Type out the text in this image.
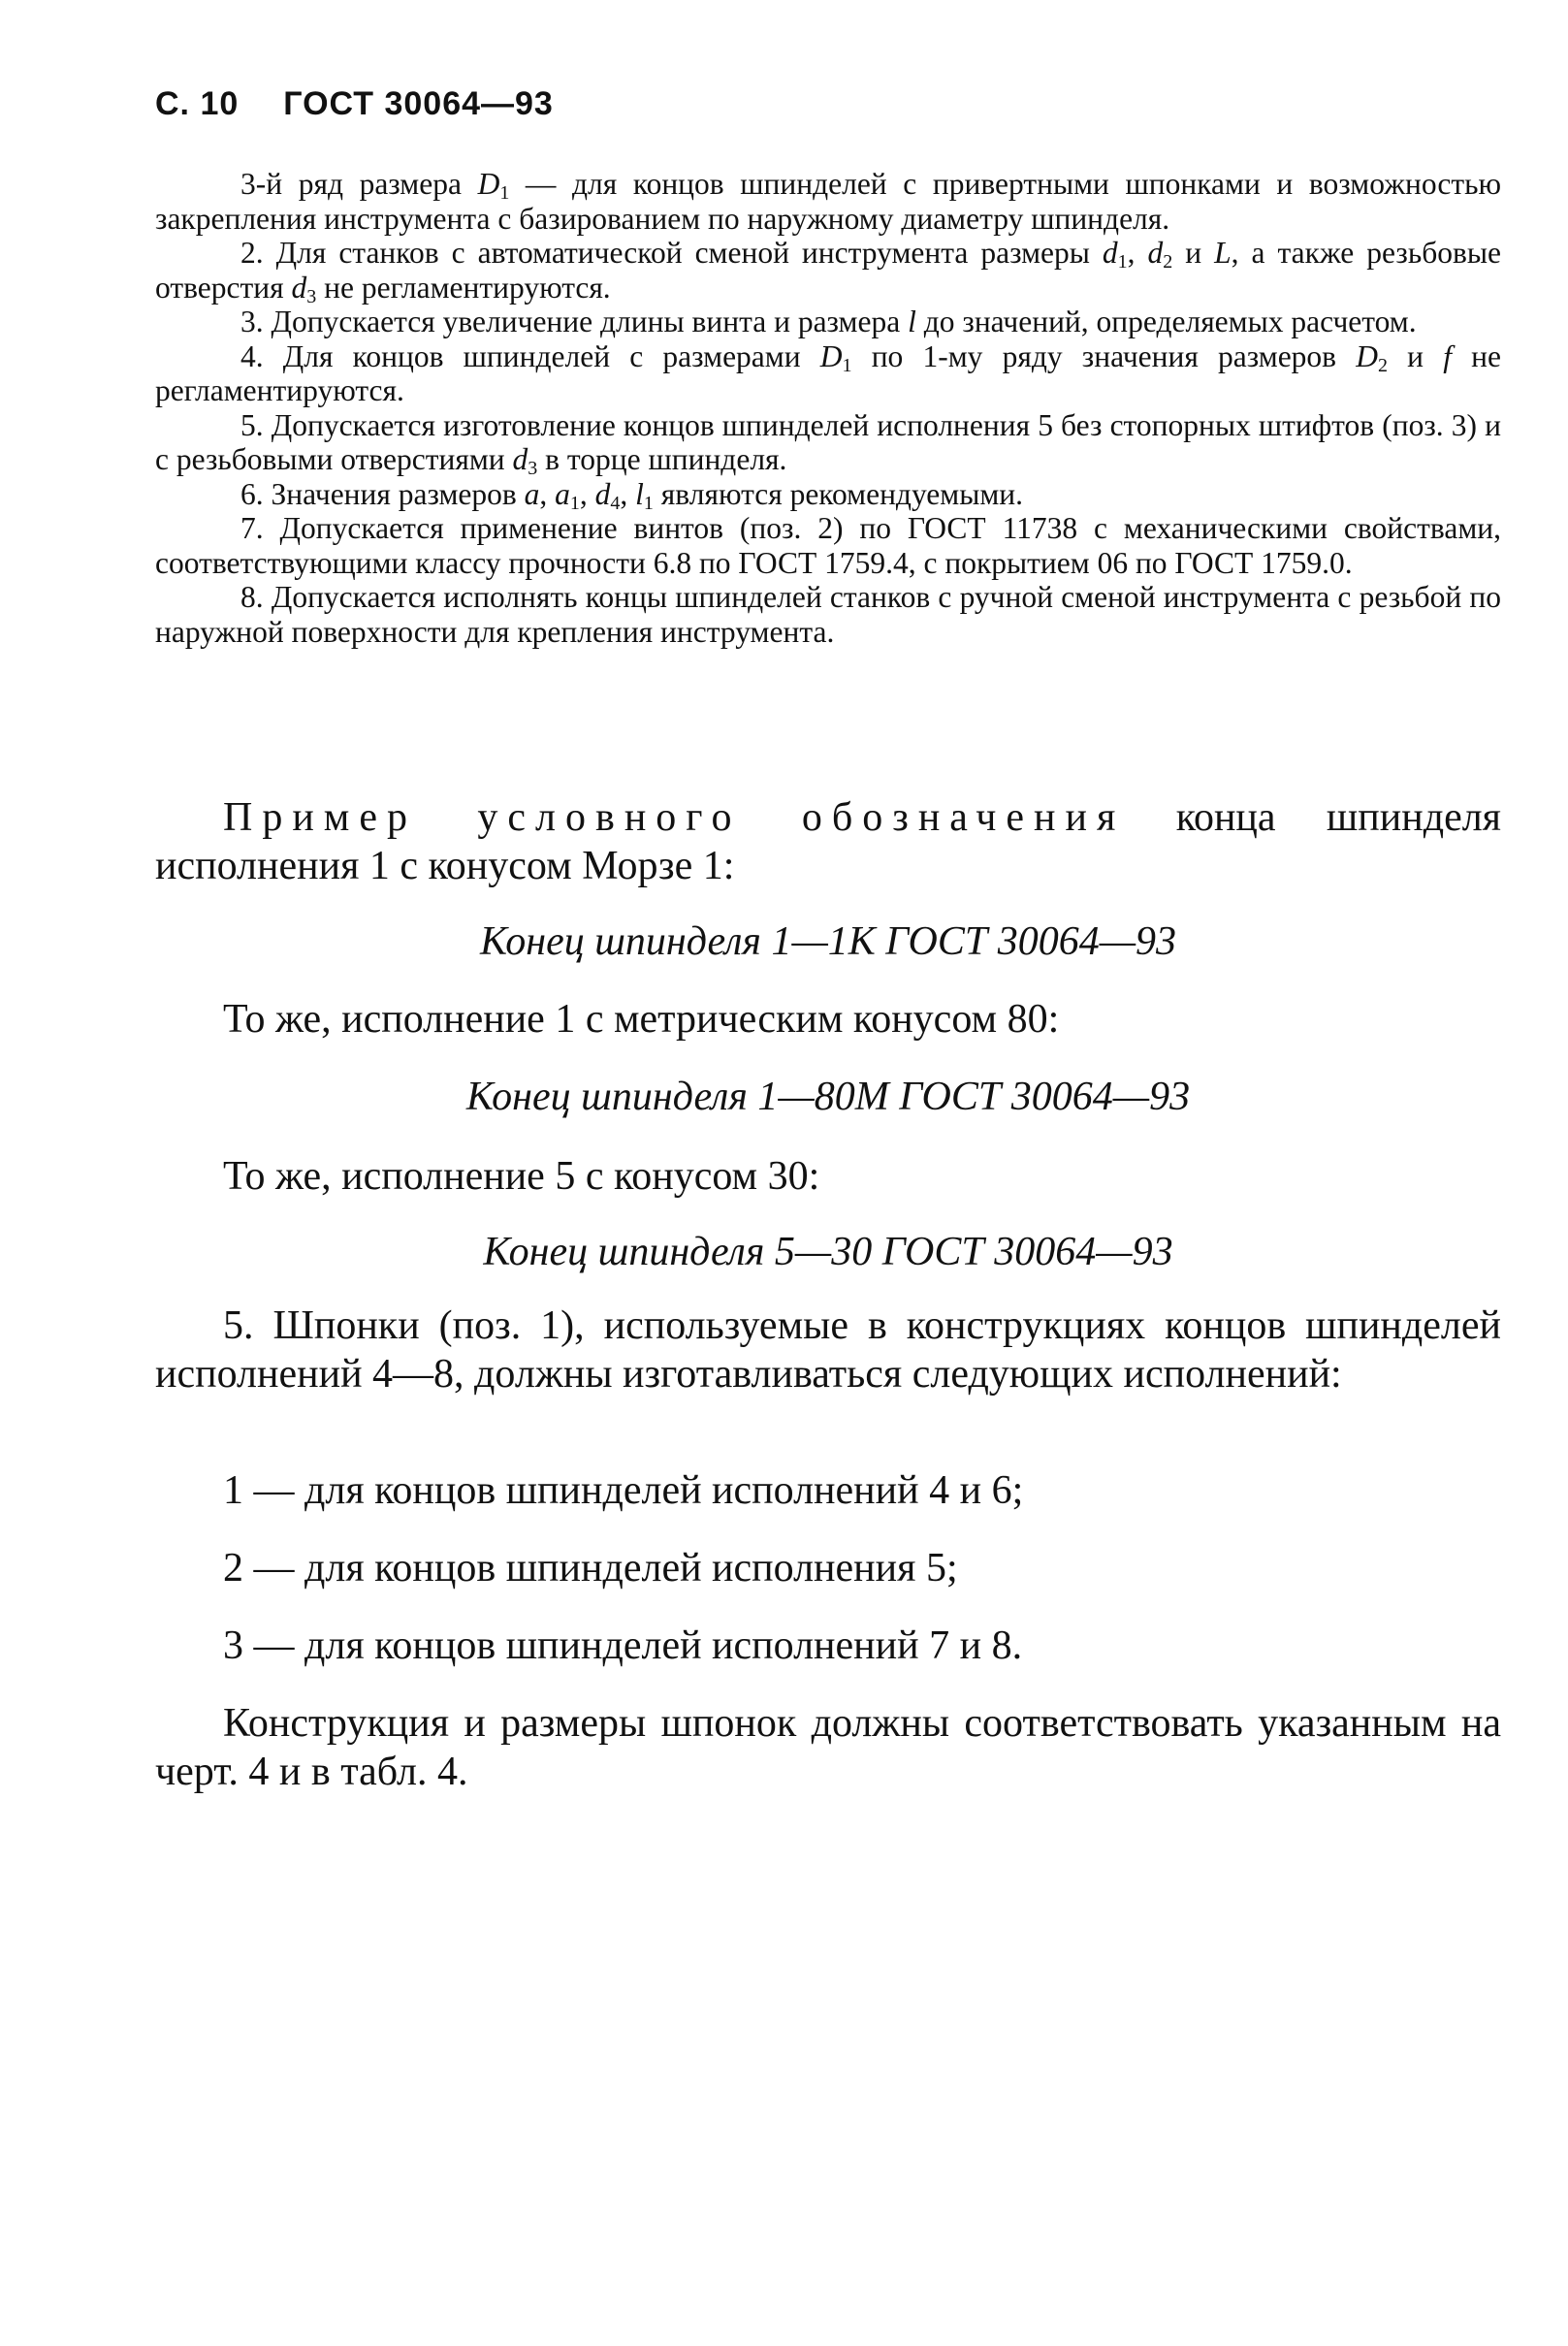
С. 10 ГОСТ 30064—93

3-й ряд размера $D_1$ — для концов шпинделей с привертными шпонками и возможностью закрепления инструмента с базированием по наружному диаметру шпинделя.

2. Для станков с автоматической сменой инструмента размеры $d_1$, $d_2$ и L, а также резьбовые отверстия $d_3$ не регламентируются.

3. Допускается увеличение длины винта и размера l до значений, определяемых расчетом.

4. Для концов шпинделей с размерами $D_1$ по 1-му ряду значения размеров $D_2$ и f не регламентируются.

5. Допускается изготовление концов шпинделей исполнения 5 без стопорных штифтов (поз. 3) и с резьбовыми отверстиями $d_3$ в торце шпинделя.

6. Значения размеров a, $a_1$, $d_4$, $l_1$ являются рекомендуемыми.

7. Допускается применение винтов (поз. 2) по ГОСТ 11738 с механическими свойствами, соответствующими классу прочности 6.8 по ГОСТ 1759.4, с покрытием 06 по ГОСТ 1759.0.

8. Допускается исполнять концы шпинделей станков с ручной сменой инструмента с резьбой по наружной поверхности для крепления инструмента.

Пример условного обозначения конца шпинделя исполнения 1 с конусом Морзе 1:
Конец шпинделя 1—1К ГОСТ 30064—93
То же, исполнение 1 с метрическим конусом 80:
Конец шпинделя 1—80М ГОСТ 30064—93
То же, исполнение 5 с конусом 30:
Конец шпинделя 5—30 ГОСТ 30064—93
5. Шпонки (поз. 1), используемые в конструкциях концов шпинделей исполнений 4—8, должны изготавливаться следующих исполнений:
1 — для концов шпинделей исполнений 4 и 6;
2 — для концов шпинделей исполнения 5;
3 — для концов шпинделей исполнений 7 и 8.
Конструкция и размеры шпонок должны соответствовать указанным на черт. 4 и в табл. 4.
